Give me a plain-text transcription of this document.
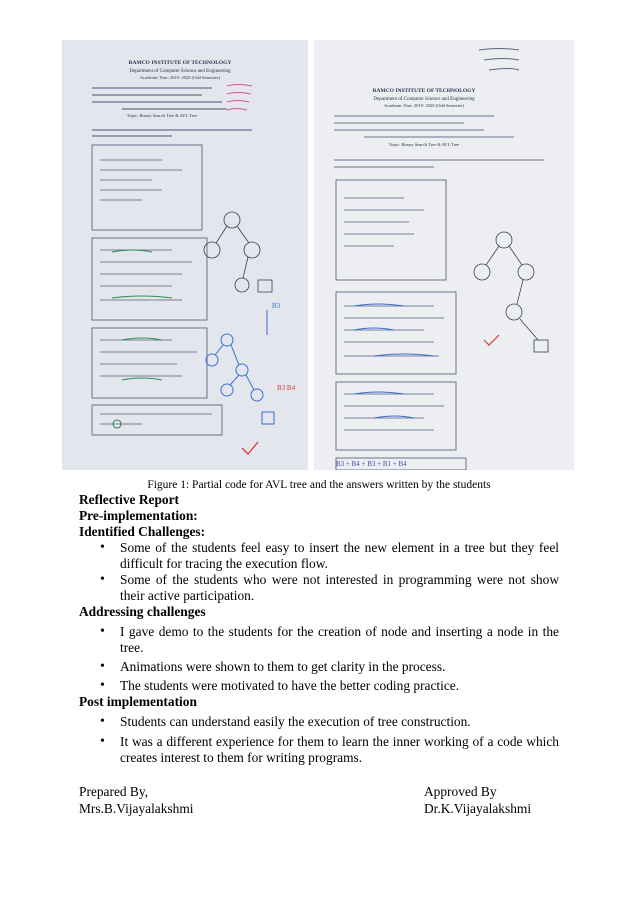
RAMCO INSTITUTE OF TECHNOLOGY
Department of Computer Science and Engineering
Academic Year: 2019- 2020 (Odd Semester)
Topic: Binary Search Tree & AVL Tree
B3
B3 B4
RAMCO INSTITUTE OF TECHNOLOGY
Department of Computer Science and Engineering
Academic Year: 2019- 2020 (Odd Semester)
Topic: Binary Search Tree & AVL Tree
B3 + B4 + B3 + B1 + B4
Figure 1: Partial code for AVL tree and the answers written by the students

Reflective Report

Pre-implementation:

Identified Challenges:

• Some of the students feel easy to insert the new element in a tree but they feel difficult for tracing the execution flow.
• Some of the students who were not interested in programming were not show their active participation.

Addressing challenges

• I gave demo to the students for the creation of node and inserting a node in the tree.
• Animations were shown to them to get clarity in the process.
• The students were motivated to have the better coding practice.

Post implementation

• Students can understand easily the execution of tree construction.
• It was a different experience for them to learn the inner working of a code which creates interest to them for writing programs.
Prepared By,
Mrs.B.Vijayalakshmi
Approved By
Dr.K.Vijayalakshmi
